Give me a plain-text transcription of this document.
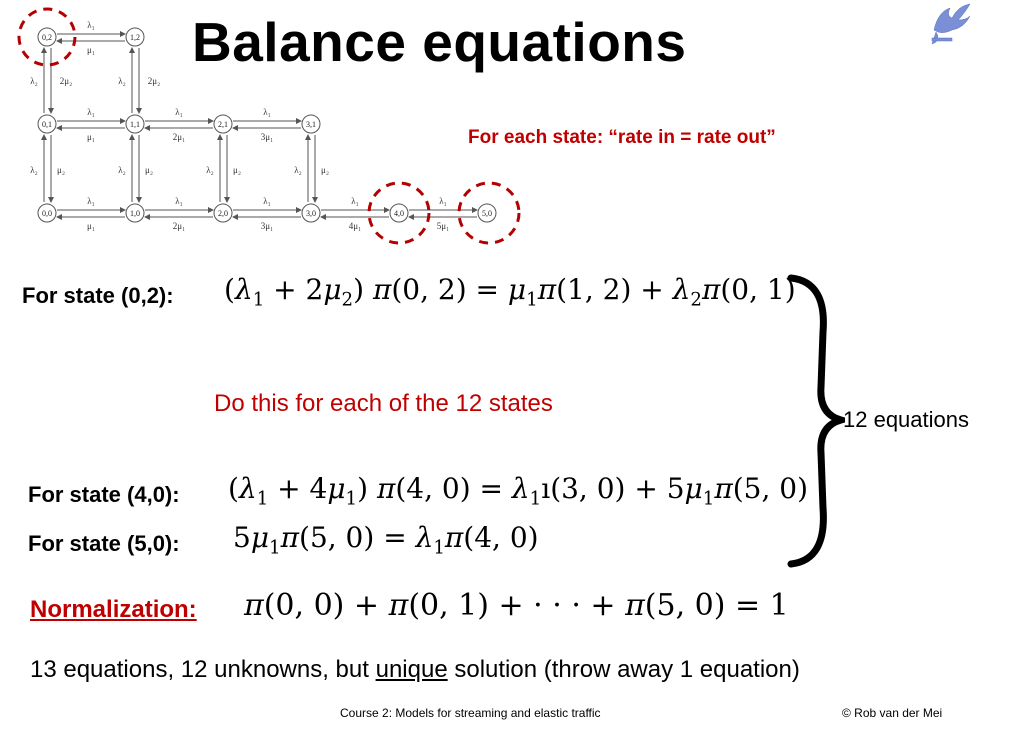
Balance equations
0,2	1,2
0,1	1,1	2,1	3,1
0,0	1,0	2,0	3,0	4,0	5,0
λ₁
μ₁
λ₁
μ₁
λ₁
2μ₁
λ₁
3μ₁
λ₁
μ₁
λ₁
2μ₁
λ₁
3μ₁
λ₁
4μ₁
λ₁
5μ₁
λ₂ 2μ₂	λ₂ 2μ₂
λ₂ μ₂	λ₂ μ₂	λ₂ μ₂	λ₂ μ₂
For each state: “rate in = rate out”
For state (0,2): $(\lambda_1 + 2\mu_2)$ π(0, $2) = \mu_1\pi(1$, $2) + \lambda_2\pi(0$, 1)
Do this for each of the 12 states
12 equations
For state (4,0): $(\lambda_1 + 4\mu_1)$ π(4, $0) = \lambda_1ı(3$, $0) + 5\mu_1\pi(5$, 0)
For state (5,0): $5\mu_1\pi(5$, $0) = \lambda_1\pi(4$, 0)
Normalization: π(0, 0) + π(0, 1) + · · · + π(5, 0) = 1
13 equations, 12 unknowns, but unique solution (throw away 1 equation)
Course 2: Models for streaming and elastic traffic	© Rob van der Mei
